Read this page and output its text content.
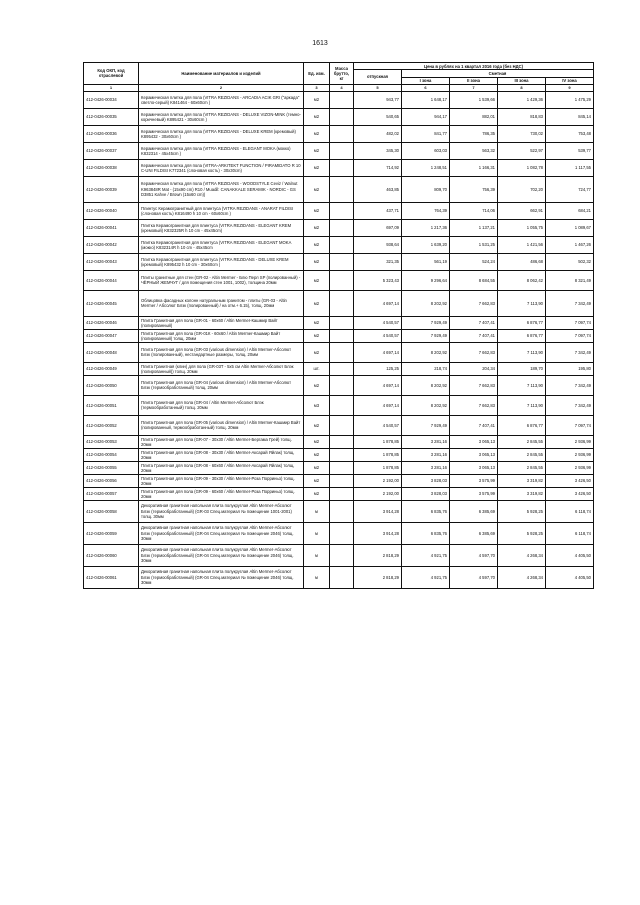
1613
Код ОКП, код отраслевой	Наименование материалов и изделий	Ед. изм.	Масса брутто, кг	Цена в рублях на 1 квартал 2016 года (без НДС)				
				отпускная	Сметная			
					I зона	II зона	III зона	IV зона
1	2	3	4	5	6	7	8	9
412-0426-00034	Керамическая плитка для пола (VITRA REZIDANS - ARCADIA ACIK GRI ("аркада" светло-серый) K841464 - 60x60cm )	м2		943,77	1 648,17	1 539,66	1 429,36	1 475,29
412-0426-00035	Керамическая плитка для пола (VITRA REZIDANS - DELUXE VIZON-MINK (темно-коричневый) K895421 - 30x60cm )	м2		540,65	944,17	882,01	818,83	845,14
412-0426-00036	Керамическая плитка для пола (VITRA REZIDANS - DELUXE KREM (кремовый) K895432 - 30x60cm )	м2		482,02	841,77	786,35	730,02	753,48
412-0426-00037	Керамическая плитка для пола (VITRA REZIDANS - ELEGANT MOKA (мокко) K832314 - 45x45cm )	м2		345,30	603,03	563,32	522,97	539,77
412-0426-00038	Керамическая плитка для пола (VITRA-ARKITEKT FUNCTION / PIRAMIDATO R 10 C-UNI FILDISI K772341 (слоновая кость) - 30x30cm)	м2		714,92	1 248,51	1 166,31	1 082,78	1 117,55
412-0426-00039	Керамическая плитка для пола (VITRA REZIDANS - WOODSTYLE Ceviz / Walnut K963848R Mat - (15x90 cm) R10 / Muadil: CANAKKALE SERAMIK - NORDIC - GS D3851 Kahve / Brown (15x60 cm))	м2		463,85	809,70	756,39	702,20	724,77
412-0426-00040	Плинтус Керамогранитный для плинтуса (VITRA REZIDANS - ANARAT FILDISI (слоновая кость) K816490 h 10 cm - 60x60cm )	м2		437,71	764,39	714,06	662,91	684,21
412-0426-00041	Плитка Керамогранитная для плинтуса (VITRA REZIDANS - ELEGANT KREM (кремовый) K832325R h 10 cm - 45x45cm)	м2		697,09	1 217,36	1 137,21	1 055,75	1 089,67
412-0426-00042	Плитка Керамогранитная для плинтуса (VITRA REZIDANS - ELEGANT MOKA (мокко) K832314R h 10 cm - 45x45cm	м2		938,64	1 639,20	1 531,25	1 421,56	1 467,26
412-0426-00043	Плитка Керамогранитная для плинтуса (VITRA REZIDANS - DELUXE KREM (кремовый) K895432 h 10 cm - 30x60cm )	м2		321,35	561,19	524,24	486,68	502,32
412-0426-00044	Плиты гранитные для стен (GR-02 - Altin Mermer - Блю Перл SP (полированный) - ЧЁРНЫЙ ЖЕМЧУГ / для помещения стен 1001, 1002), толщина 20мм	м2		5 323,43	9 296,64	8 684,55	8 062,42	8 321,49
412-0426-00045	Облицовка фасадных колонн натуральным гранитом - плиты (GR-03 - Altin Mermer / Абсолют Блэк (полированный) / на отм.+ 6.15), толщ. 20мм	м2		4 697,14	8 202,92	7 662,83	7 113,90	7 342,49
412-0426-00046	Плита Гранитная для пола (GR-01 - 60x60 / Altin Mermer-Кашмир Вайт (полированный)	м2		4 540,57	7 929,49	7 407,41	6 876,77	7 097,74
412-0426-00047	Плита Гранитная для пола (GR-01К - 60x60 / Altin Mermer-Кашмир Вайт (полированный) толщ. 20мм	м2		4 540,57	7 929,49	7 407,41	6 876,77	7 097,74
412-0426-00048	Плита Гранитная для пола (GR-03 (various dimension) / Altin Mermer-Абсолют Блэк (полированный), нестандартные размеры, толщ. 20мм	м2		4 697,14	8 202,92	7 662,83	7 113,90	7 342,49
412-0426-00049	Плита Гранитная (клин) для пола (GR-03T - 5x5 см Altin Mermer-Абсолют Блэк (полированный)) толщ. 20мм	шт.		125,25	218,74	204,34	189,70	195,80
412-0426-00050	Плита Гранитная для пола (GR-04 (various dimension) / Altin Mermer-Абсолют Блэк (термообработанный) толщ. 20мм	м2		4 697,14	8 202,92	7 662,83	7 113,90	7 342,49
412-0426-00051	Плита Гранитная для пола (GR-04 / Altin Mermer-Абсолют Блэк (термообработанный) толщ. 20мм	м3		4 697,14	8 202,92	7 662,83	7 113,90	7 342,49
412-0426-00052	Плита Гранитная для пола (GR-05 (various dimension) / Altin Mermer-Кашмир Вайт (полированный, термообработанный) толщ. 20мм	м2		4 540,57	7 929,49	7 407,41	6 876,77	7 097,74
412-0426-00053	Плита Гранитная для пола (GR-07 - 30x30 / Altin Mermer-Бергама Грей) толщ. 20мм	м2		1 878,85	3 281,16	3 065,13	2 845,55	2 936,99
412-0426-00054	Плита Гранитная для пола (GR-08 - 30x30 / Altin Mermer-Аксарай Яйлак) толщ. 20мм	м2		1 878,85	3 281,16	3 065,13	2 845,55	2 936,99
412-0426-00055	Плита Гранитная для пола (GR-08 - 60x60 / Altin Mermer-Аксарай Яйлак) толщ. 20мм	м2		1 878,85	3 281,16	3 065,13	2 845,55	2 936,99
412-0426-00056	Плита Гранитная для пола (GR-09 - 30x30 / Altin Mermer-Роза Порриньо) толщ. 20мм	м2		2 192,00	3 828,03	3 575,99	3 319,82	3 426,50
412-0426-00057	Плита Гранитная для пола (GR-09 - 60x60 / Altin Mermer-Роза Порриньо) толщ. 20мм	м2		2 192,00	3 828,03	3 575,99	3 319,82	3 426,50
412-0426-00058	Декоративная гранитная напольная плита полукруглая Altin Mermer-Абсолют Блэк (термообработанный) (GR-03 Спец.материал № помещение 1001-2001) толщ. 30мм	м		3 914,28	6 835,76	6 385,69	5 928,25	6 118,74
412-0426-00059	Декоративная гранитная напольная плита полукруглая Altin Mermer-Абсолют Блэк (термообработанный) (GR-04 Спец.материал № помещение 2046) толщ. 30мм	м		3 914,28	6 835,76	6 385,69	5 928,25	6 118,74
412-0426-00060	Декоративная гранитная напольная плита полукруглая Altin Mermer-Абсолют Блэк (термообработанный) (GR-04 Спец.материал № помещение 2046) толщ. 30мм	м		2 818,29	4 921,75	4 597,70	4 268,34	4 405,50
412-0426-00061	Декоративная гранитная напольная плита полукруглая Altin Mermer-Абсолют Блэк (термообработанный) (GR-04 Спец.материал № помещение 2046) толщ. 30мм	м		2 818,29	4 921,75	4 597,70	4 268,34	4 405,50
